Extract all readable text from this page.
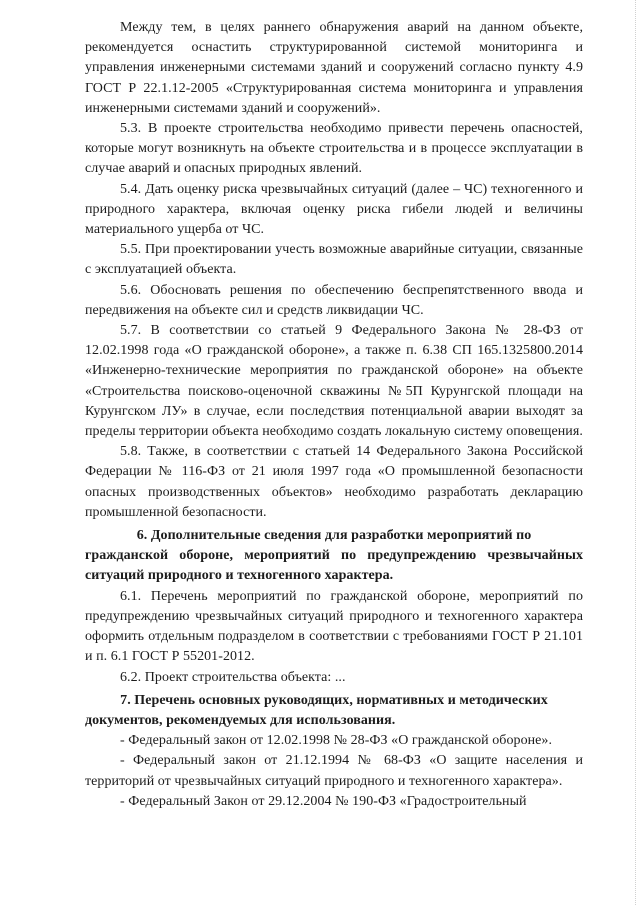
Между тем, в целях раннего обнаружения аварий на данном объекте, рекомендуется оснастить структурированной системой мониторинга и управления инженерными системами зданий и сооружений согласно пункту 4.9 ГОСТ Р 22.1.12-2005 «Структурированная система мониторинга и управления инженерными системами зданий и сооружений».

5.3. В проекте строительства необходимо привести перечень опасностей, которые могут возникнуть на объекте строительства и в процессе эксплуатации в случае аварий и опасных природных явлений.

5.4. Дать оценку риска чрезвычайных ситуаций (далее – ЧС) техногенного и природного характера, включая оценку риска гибели людей и величины материального ущерба от ЧС.

5.5. При проектировании учесть возможные аварийные ситуации, связанные с эксплуатацией объекта.

5.6. Обосновать решения по обеспечению беспрепятственного ввода и передвижения на объекте сил и средств ликвидации ЧС.

5.7. В соответствии со статьей 9 Федерального Закона № 28-ФЗ от 12.02.1998 года «О гражданской обороне», а также п. 6.38 СП 165.1325800.2014 «Инженерно-технические мероприятия по гражданской обороне» на объекте «Строительства поисково-оценочной скважины №5П Курунгской площади на Курунгском ЛУ» в случае, если последствия потенциальной аварии выходят за пределы территории объекта необходимо создать локальную систему оповещения.

5.8. Также, в соответствии с статьей 14 Федерального Закона Российской Федерации № 116-ФЗ от 21 июля 1997 года «О промышленной безопасности опасных производственных объектов» необходимо разработать декларацию промышленной безопасности.

6. Дополнительные сведения для разработки мероприятий по
гражданской обороне, мероприятий по предупреждению чрезвычайных ситуаций природного и техногенного характера.

6.1. Перечень мероприятий по гражданской обороне, мероприятий по предупреждению чрезвычайных ситуаций природного и техногенного характера оформить отдельным подразделом в соответствии с требованиями ГОСТ Р 21.101 и п. 6.1 ГОСТ Р 55201-2012.

6.2. Проект строительства объекта: ...

7. Перечень основных руководящих, нормативных и методических
документов, рекомендуемых для использования.

- Федеральный закон от 12.02.1998 № 28-ФЗ «О гражданской обороне».

- Федеральный закон от 21.12.1994 № 68-ФЗ «О защите населения и территорий от чрезвычайных ситуаций природного и техногенного характера».

- Федеральный Закон от 29.12.2004 № 190-ФЗ «Градостроительный
